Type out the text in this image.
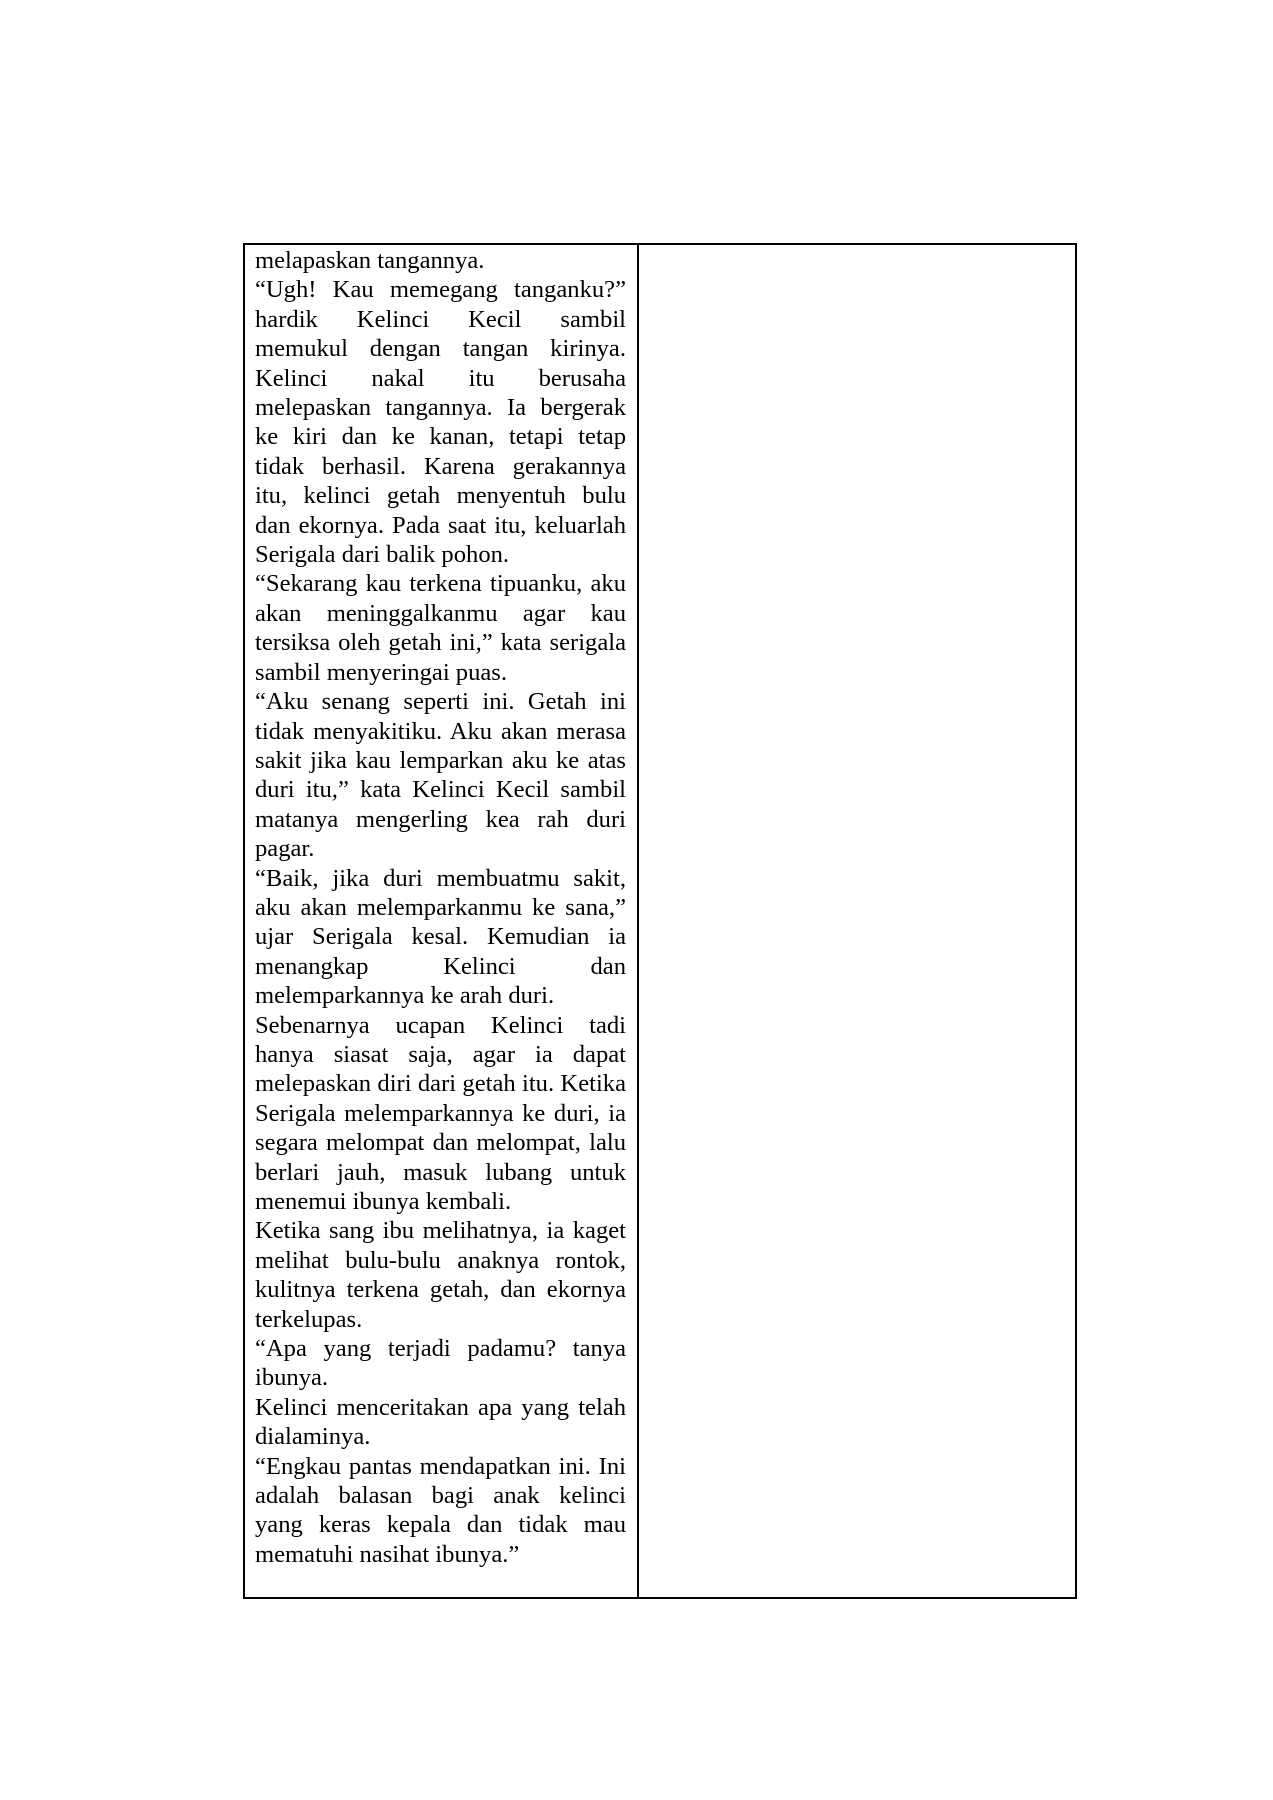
melapaskan tangannya.

“Ugh! Kau memegang tanganku?” hardik Kelinci Kecil sambil memukul dengan tangan kirinya. Kelinci nakal itu berusaha melepaskan tangannya. Ia bergerak ke kiri dan ke kanan, tetapi tetap tidak berhasil. Karena gerakannya itu, kelinci getah menyentuh bulu dan ekornya. Pada saat itu, keluarlah Serigala dari balik pohon.

“Sekarang kau terkena tipuanku, aku akan meninggalkanmu agar kau tersiksa oleh getah ini,” kata serigala sambil menyeringai puas.

“Aku senang seperti ini. Getah ini tidak menyakitiku. Aku akan merasa sakit jika kau lemparkan aku ke atas duri itu,” kata Kelinci Kecil sambil matanya mengerling kea rah duri pagar.

“Baik, jika duri membuatmu sakit, aku akan melemparkanmu ke sana,” ujar Serigala kesal. Kemudian ia menangkap Kelinci dan melemparkannya ke arah duri.

Sebenarnya ucapan Kelinci tadi hanya siasat saja, agar ia dapat melepaskan diri dari getah itu. Ketika Serigala melemparkannya ke duri, ia segara melompat dan melompat, lalu berlari jauh, masuk lubang untuk menemui ibunya kembali.

Ketika sang ibu melihatnya, ia kaget melihat bulu-bulu anaknya rontok, kulitnya terkena getah, dan ekornya terkelupas.

“Apa yang terjadi padamu? tanya ibunya.

Kelinci menceritakan apa yang telah dialaminya.

“Engkau pantas mendapatkan ini. Ini adalah balasan bagi anak kelinci yang keras kepala dan tidak mau mematuhi nasihat ibunya.”
